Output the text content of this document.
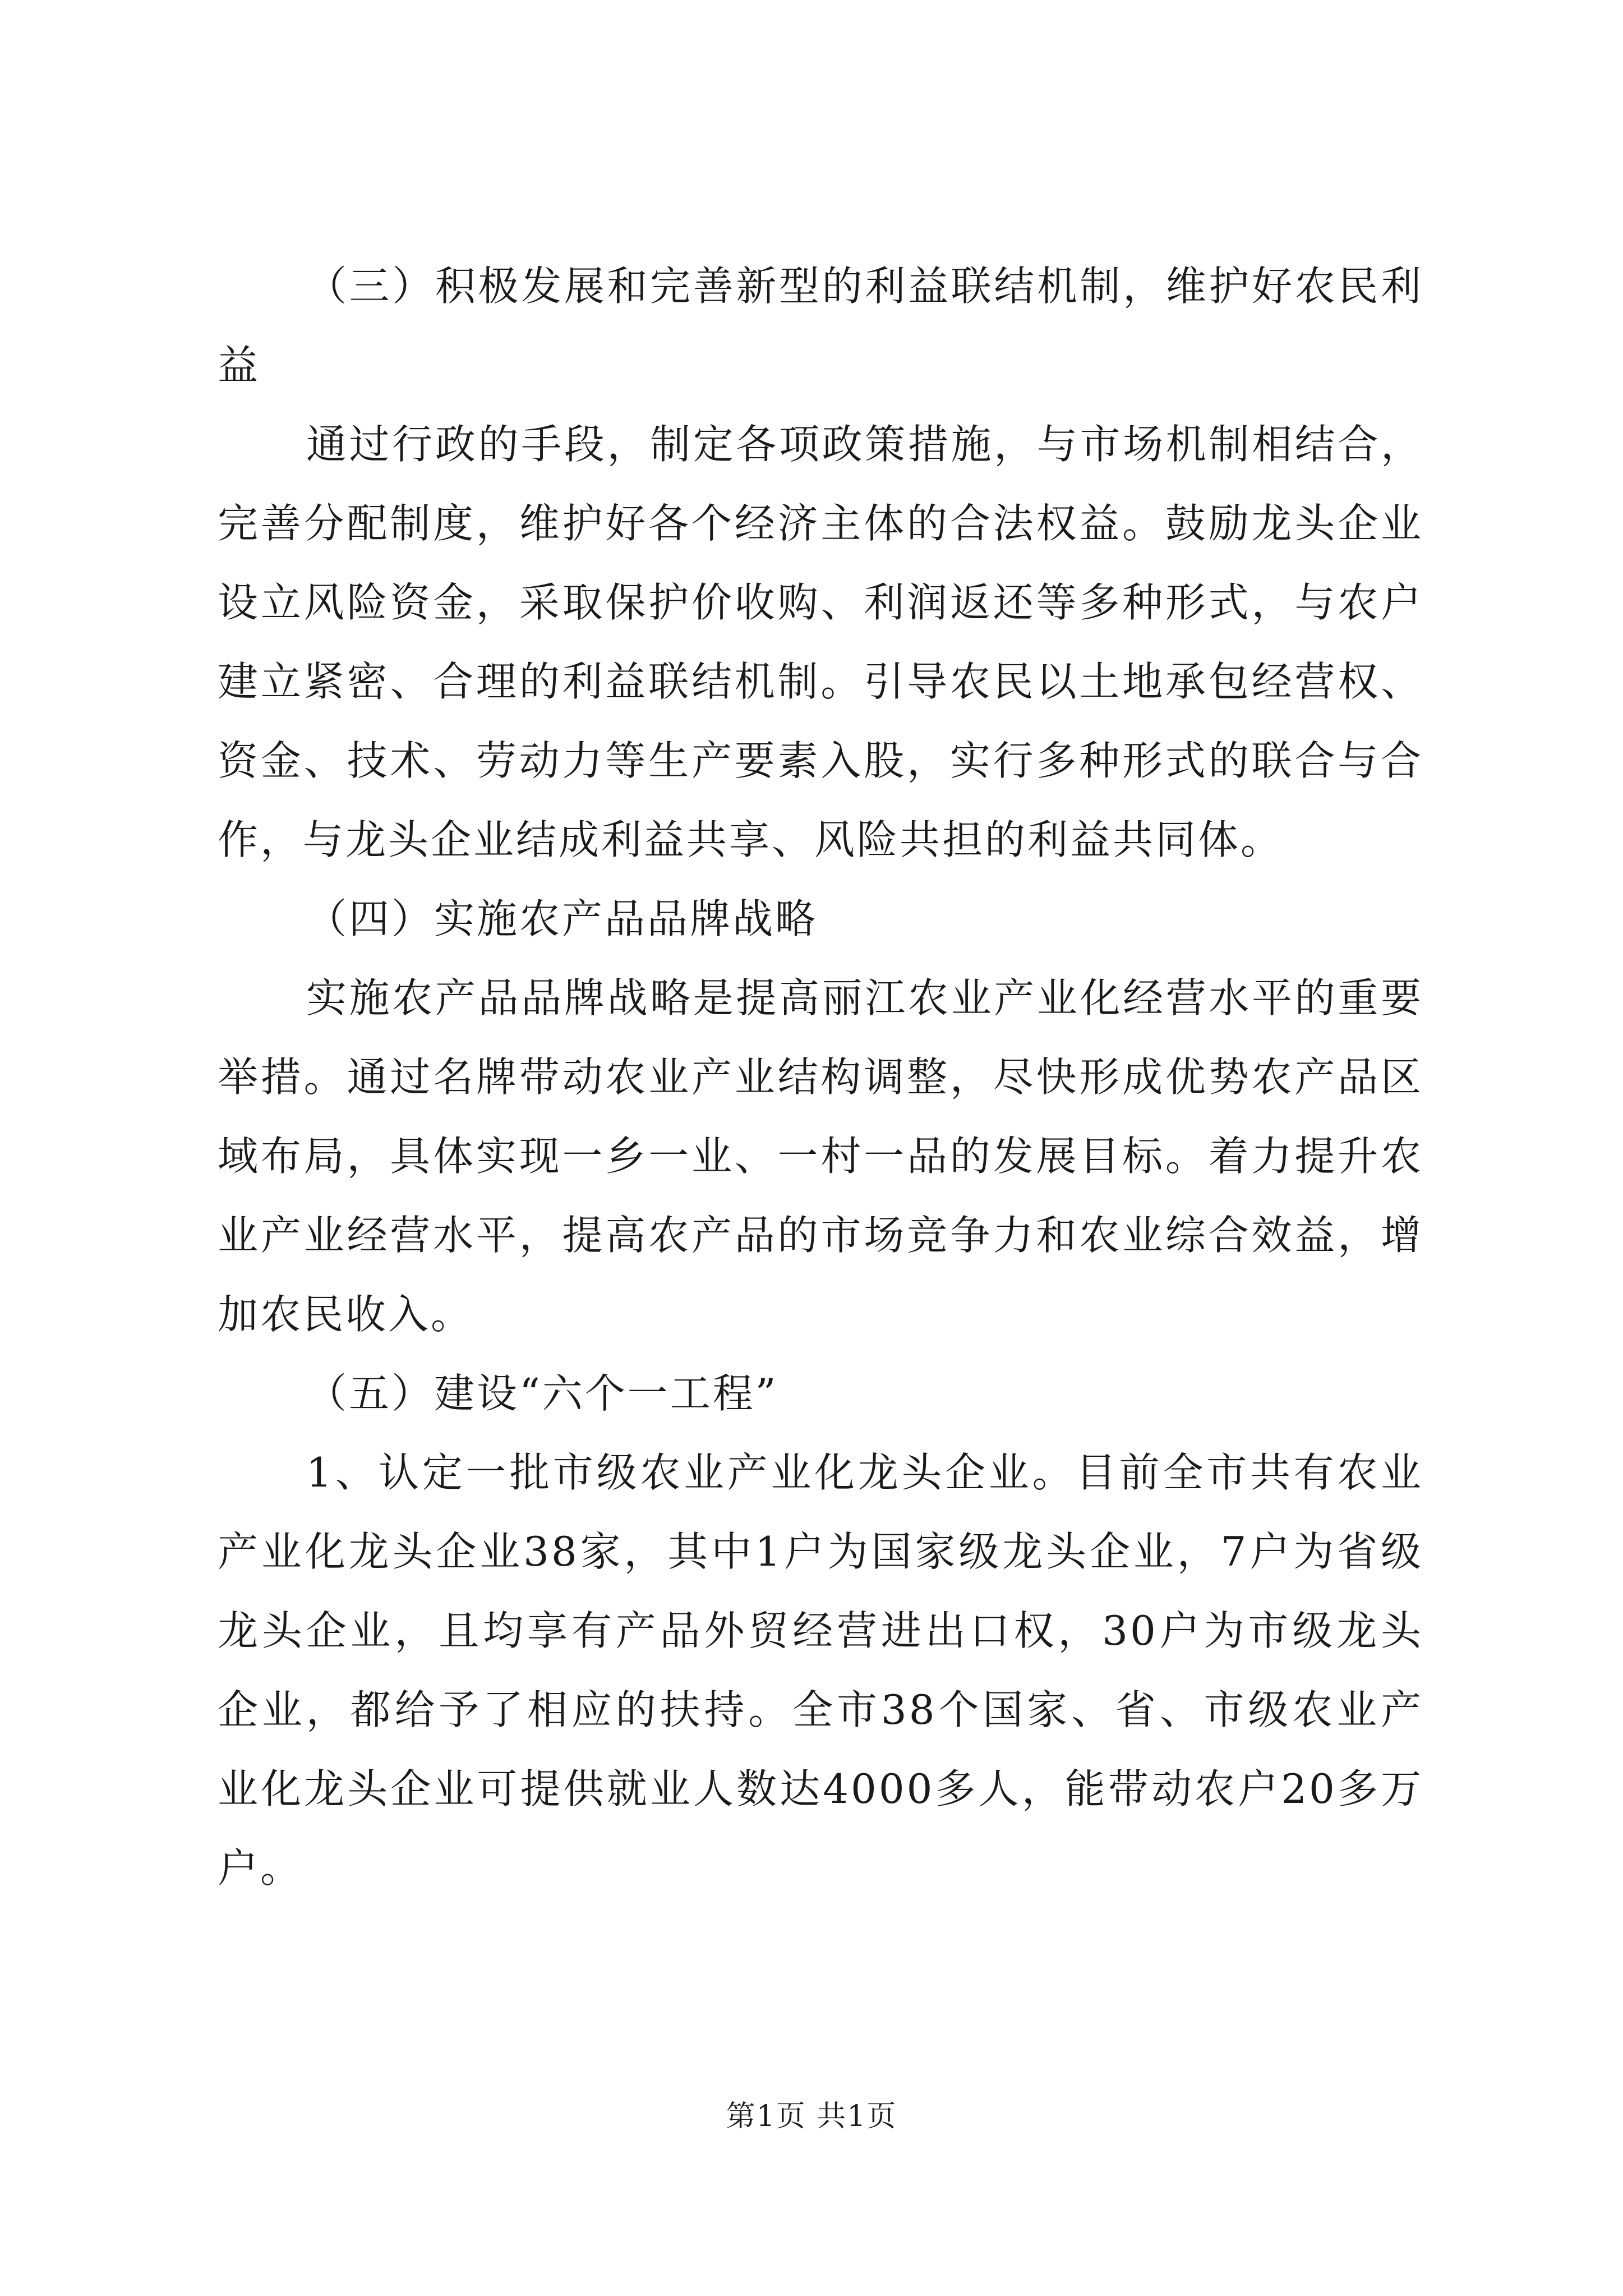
（三）积极发展和完善新型的利益联结机制，维护好农民利益

通过行政的手段，制定各项政策措施，与市场机制相结合，完善分配制度，维护好各个经济主体的合法权益。鼓励龙头企业设立风险资金，采取保护价收购、利润返还等多种形式，与农户建立紧密、合理的利益联结机制。引导农民以土地承包经营权、资金、技术、劳动力等生产要素入股，实行多种形式的联合与合作，与龙头企业结成利益共享、风险共担的利益共同体。

（四）实施农产品品牌战略

实施农产品品牌战略是提高丽江农业产业化经营水平的重要举措。通过名牌带动农业产业结构调整，尽快形成优势农产品区域布局，具体实现一乡一业、一村一品的发展目标。着力提升农业产业经营水平，提高农产品的市场竞争力和农业综合效益，增加农民收入。

（五）建设“六个一工程”

1、认定一批市级农业产业化龙头企业。目前全市共有农业产业化龙头企业38家，其中1户为国家级龙头企业，7户为省级龙头企业，且均享有产品外贸经营进出口权，30户为市级龙头企业，都给予了相应的扶持。全市38个国家、省、市级农业产业化龙头企业可提供就业人数达4000多人，能带动农户20多万户。

第1页 共1页
